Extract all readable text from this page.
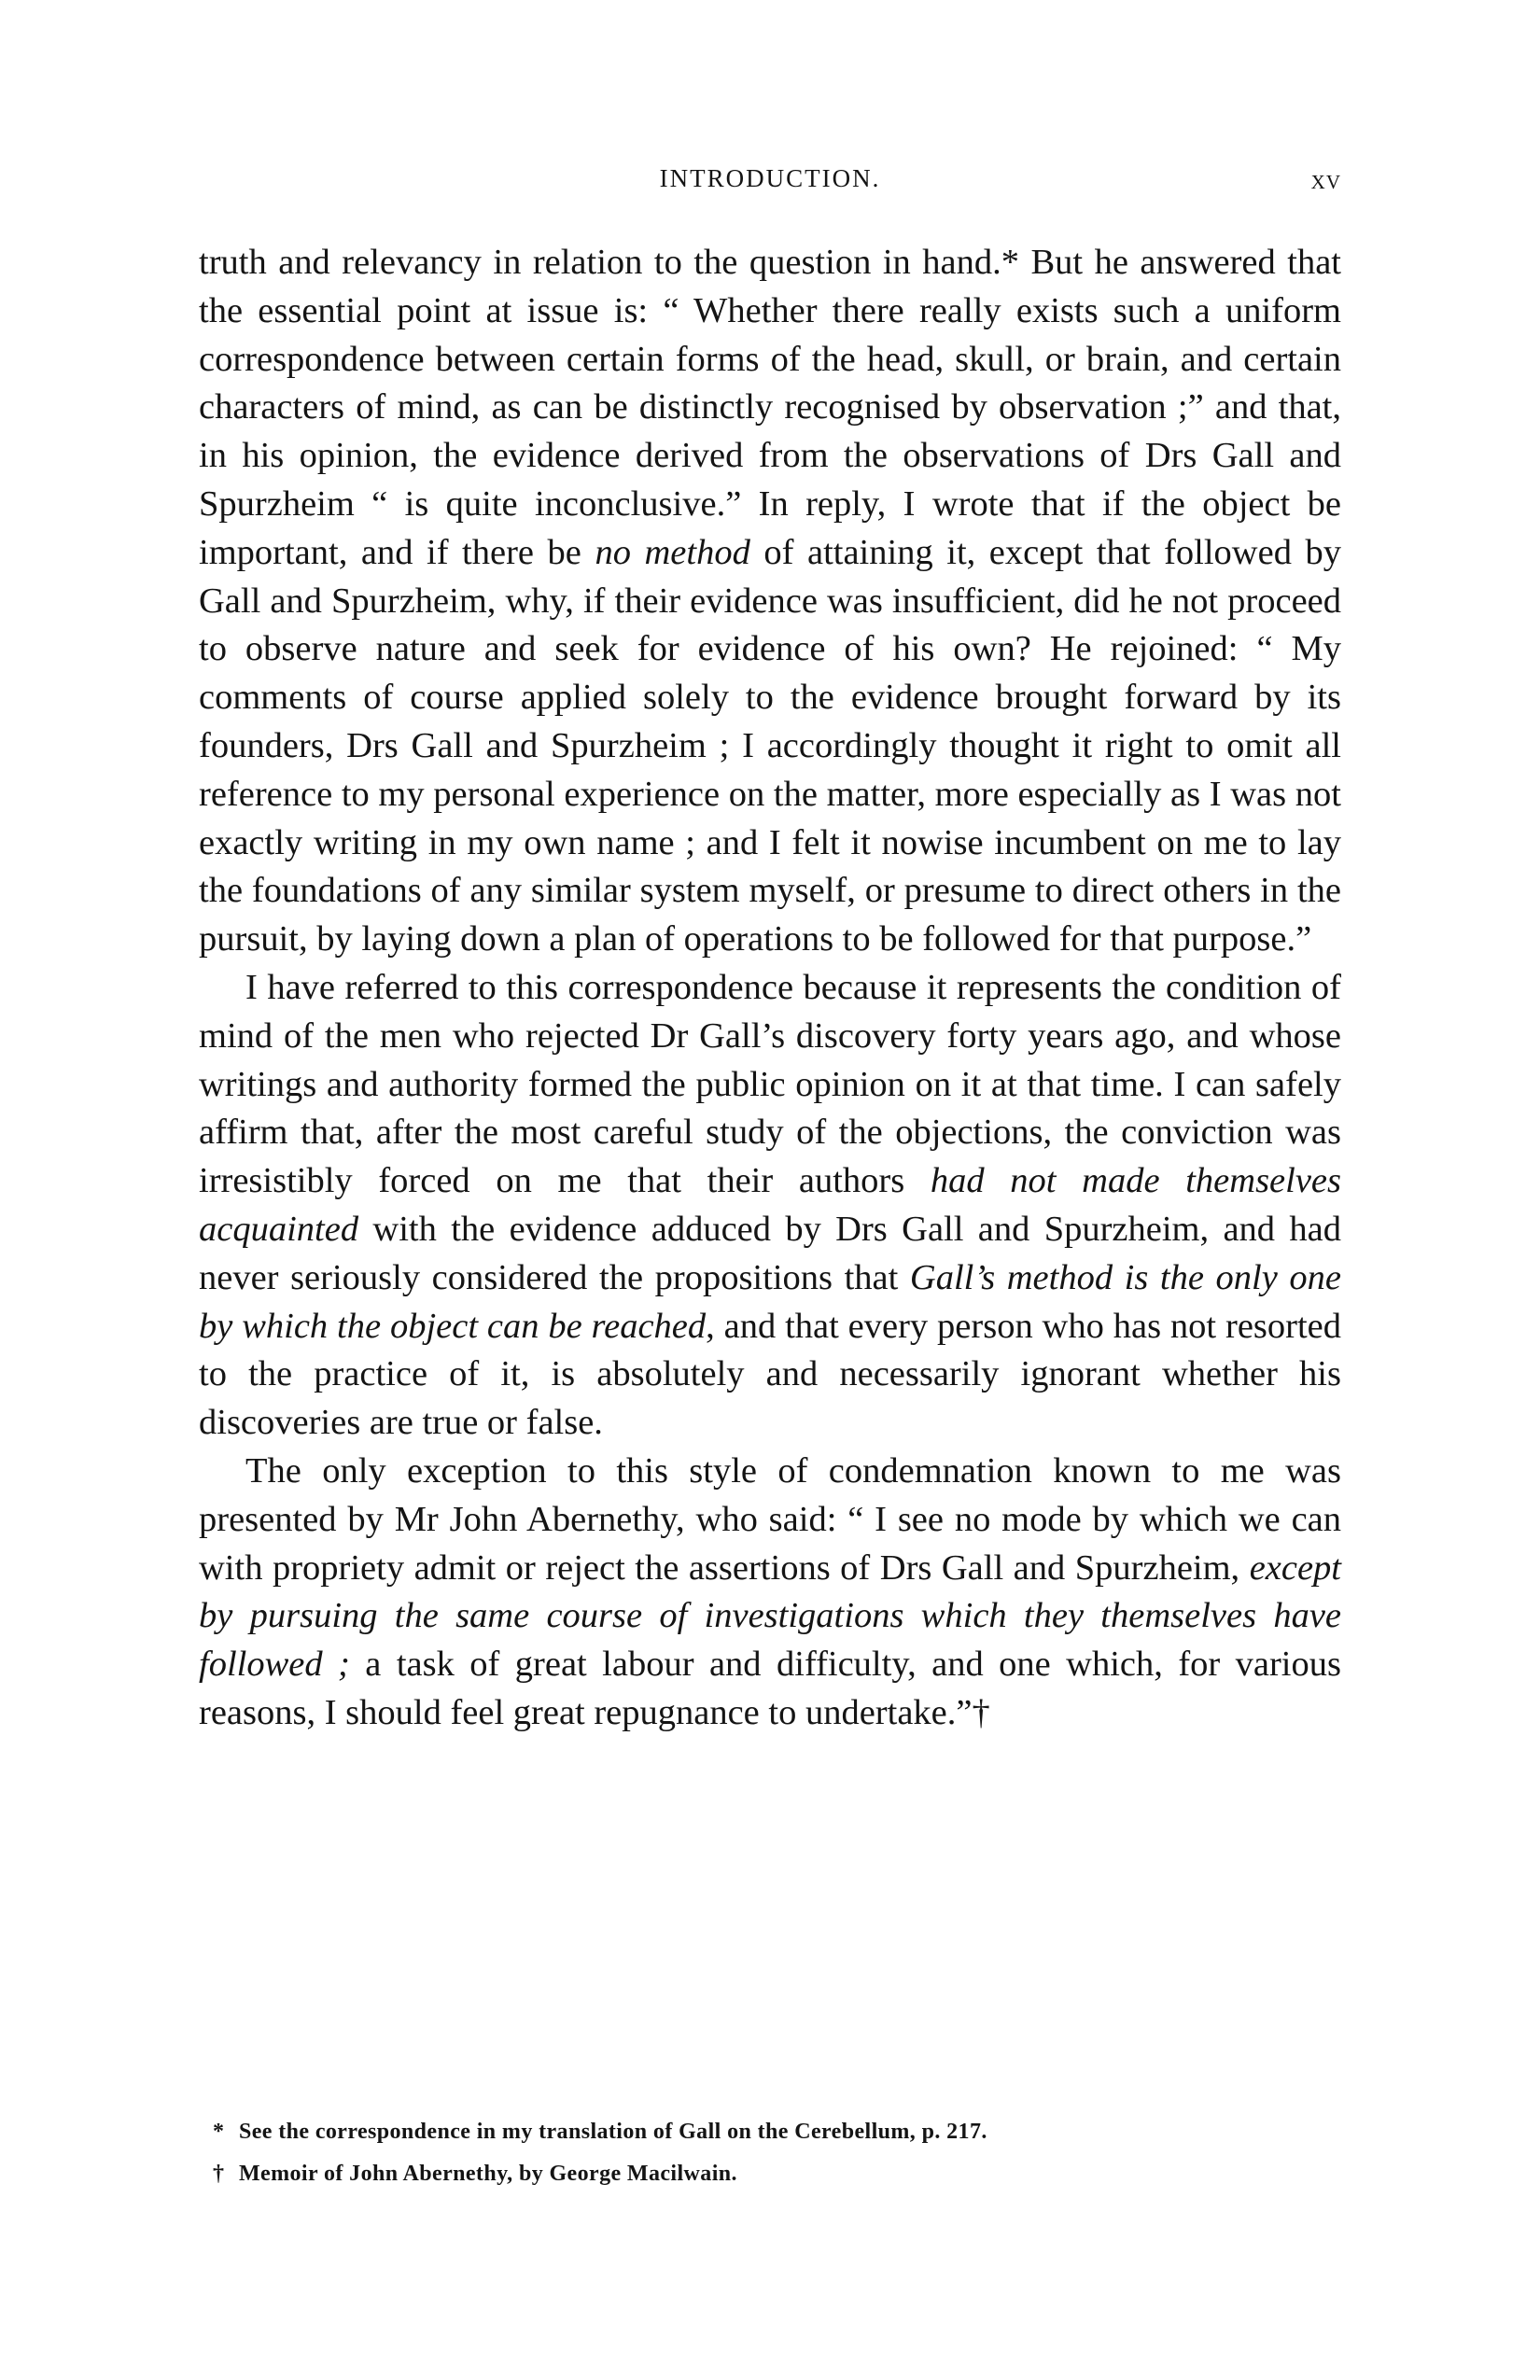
INTRODUCTION.	xv

truth and relevancy in relation to the question in hand.* But he answered that the essential point at issue is: “ Whether there really exists such a uniform correspondence between certain forms of the head, skull, or brain, and certain characters of mind, as can be distinctly recognised by observation ;” and that, in his opinion, the evidence derived from the observations of Drs Gall and Spurzheim “ is quite inconclusive.” In reply, I wrote that if the object be important, and if there be no method of attaining it, except that followed by Gall and Spurzheim, why, if their evidence was insufficient, did he not proceed to observe nature and seek for evidence of his own? He rejoined: “ My comments of course applied solely to the evidence brought forward by its founders, Drs Gall and Spurzheim ; I accordingly thought it right to omit all reference to my personal experience on the matter, more especially as I was not exactly writing in my own name ; and I felt it nowise incumbent on me to lay the foundations of any similar system myself, or presume to direct others in the pursuit, by laying down a plan of operations to be followed for that purpose.”

I have referred to this correspondence because it represents the condition of mind of the men who rejected Dr Gall’s discovery forty years ago, and whose writings and authority formed the public opinion on it at that time. I can safely affirm that, after the most careful study of the objections, the conviction was irresistibly forced on me that their authors had not made themselves acquainted with the evidence adduced by Drs Gall and Spurzheim, and had never seriously considered the propositions that Gall’s method is the only one by which the object can be reached, and that every person who has not resorted to the practice of it, is absolutely and necessarily ignorant whether his discoveries are true or false.

The only exception to this style of condemnation known to me was presented by Mr John Abernethy, who said: “ I see no mode by which we can with propriety admit or reject the assertions of Drs Gall and Spurzheim, except by pursuing the same course of investigations which they themselves have followed ; a task of great labour and difficulty, and one which, for various reasons, I should feel great repugnance to undertake.”†

* See the correspondence in my translation of Gall on the Cerebellum, p. 217.

† Memoir of John Abernethy, by George Macilwain.
